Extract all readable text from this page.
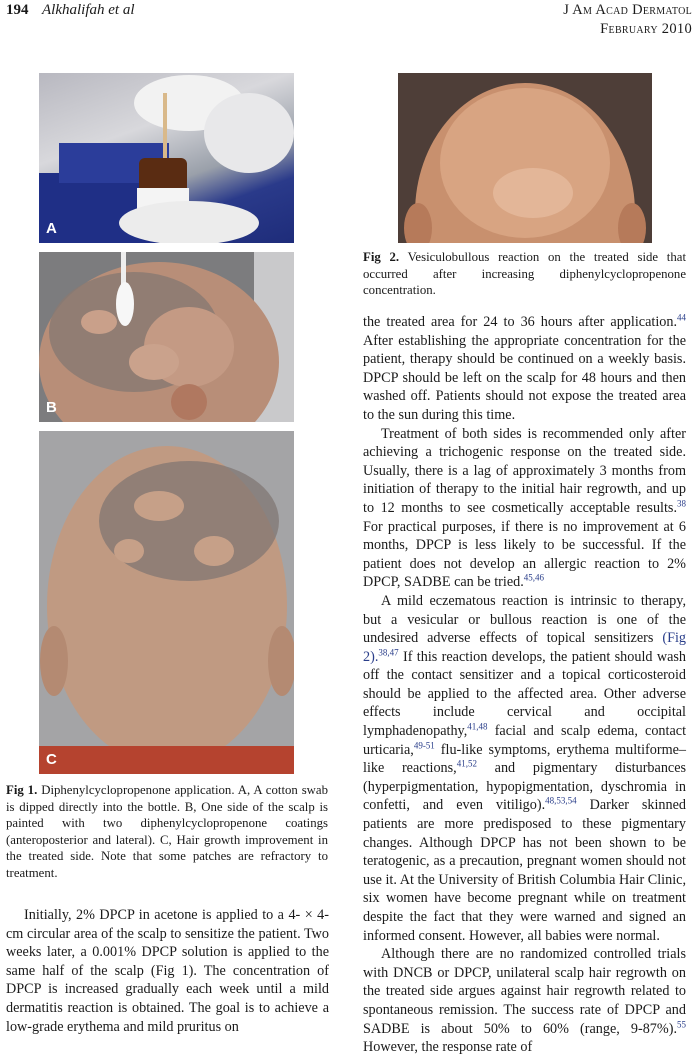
194 Alkhalifah et al	J Am Acad Dermatol
February 2010
A
B
C
Fig 1. Diphenylcyclopropenone application. A, A cotton swab is dipped directly into the bottle. B, One side of the scalp is painted with two diphenylcyclopropenone coatings (anteroposterior and lateral). C, Hair growth improvement in the treated side. Note that some patches are refractory to treatment.
Fig 2. Vesiculobullous reaction on the treated side that occurred after increasing diphenylcyclopropenone concentration.

Initially, 2% DPCP in acetone is applied to a 4- × 4-cm circular area of the scalp to sensitize the patient. Two weeks later, a 0.001% DPCP solution is applied to the same half of the scalp (Fig 1). The concentration of DPCP is increased gradually each week until a mild dermatitis reaction is obtained. The goal is to achieve a low-grade erythema and mild pruritus on

the treated area for 24 to 36 hours after application.$^{44}$ After establishing the appropriate concentration for the patient, therapy should be continued on a weekly basis. DPCP should be left on the scalp for 48 hours and then washed off. Patients should not expose the treated area to the sun during this time.

Treatment of both sides is recommended only after achieving a trichogenic response on the treated side. Usually, there is a lag of approximately 3 months from initiation of therapy to the initial hair regrowth, and up to 12 months to see cosmetically acceptable results.$^{38}$ For practical purposes, if there is no improvement at 6 months, DPCP is less likely to be successful. If the patient does not develop an allergic reaction to 2% DPCP, SADBE can be tried.$^{45,46}$

A mild eczematous reaction is intrinsic to therapy, but a vesicular or bullous reaction is one of the undesired adverse effects of topical sensitizers (Fig 2).$^{38,47}$ If this reaction develops, the patient should wash off the contact sensitizer and a topical corticosteroid should be applied to the affected area. Other adverse effects include cervical and occipital lymphadenopathy,$^{41,48}$ facial and scalp edema, contact urticaria,$^{49-51}$ flu-like symptoms, erythema multiforme–like reactions,$^{41,52}$ and pigmentary disturbances (hyperpigmentation, hypopigmentation, dyschromia in confetti, and even vitiligo).$^{48,53,54}$ Darker skinned patients are more predisposed to these pigmentary changes. Although DPCP has not been shown to be teratogenic, as a precaution, pregnant women should not use it. At the University of British Columbia Hair Clinic, six women have become pregnant while on treatment despite the fact that they were warned and signed an informed consent. However, all babies were normal.

Although there are no randomized controlled trials with DNCB or DPCP, unilateral scalp hair regrowth on the treated side argues against hair regrowth related to spontaneous remission. The success rate of DPCP and SADBE is about 50% to 60% (range, 9-87%).$^{55}$ However, the response rate of
